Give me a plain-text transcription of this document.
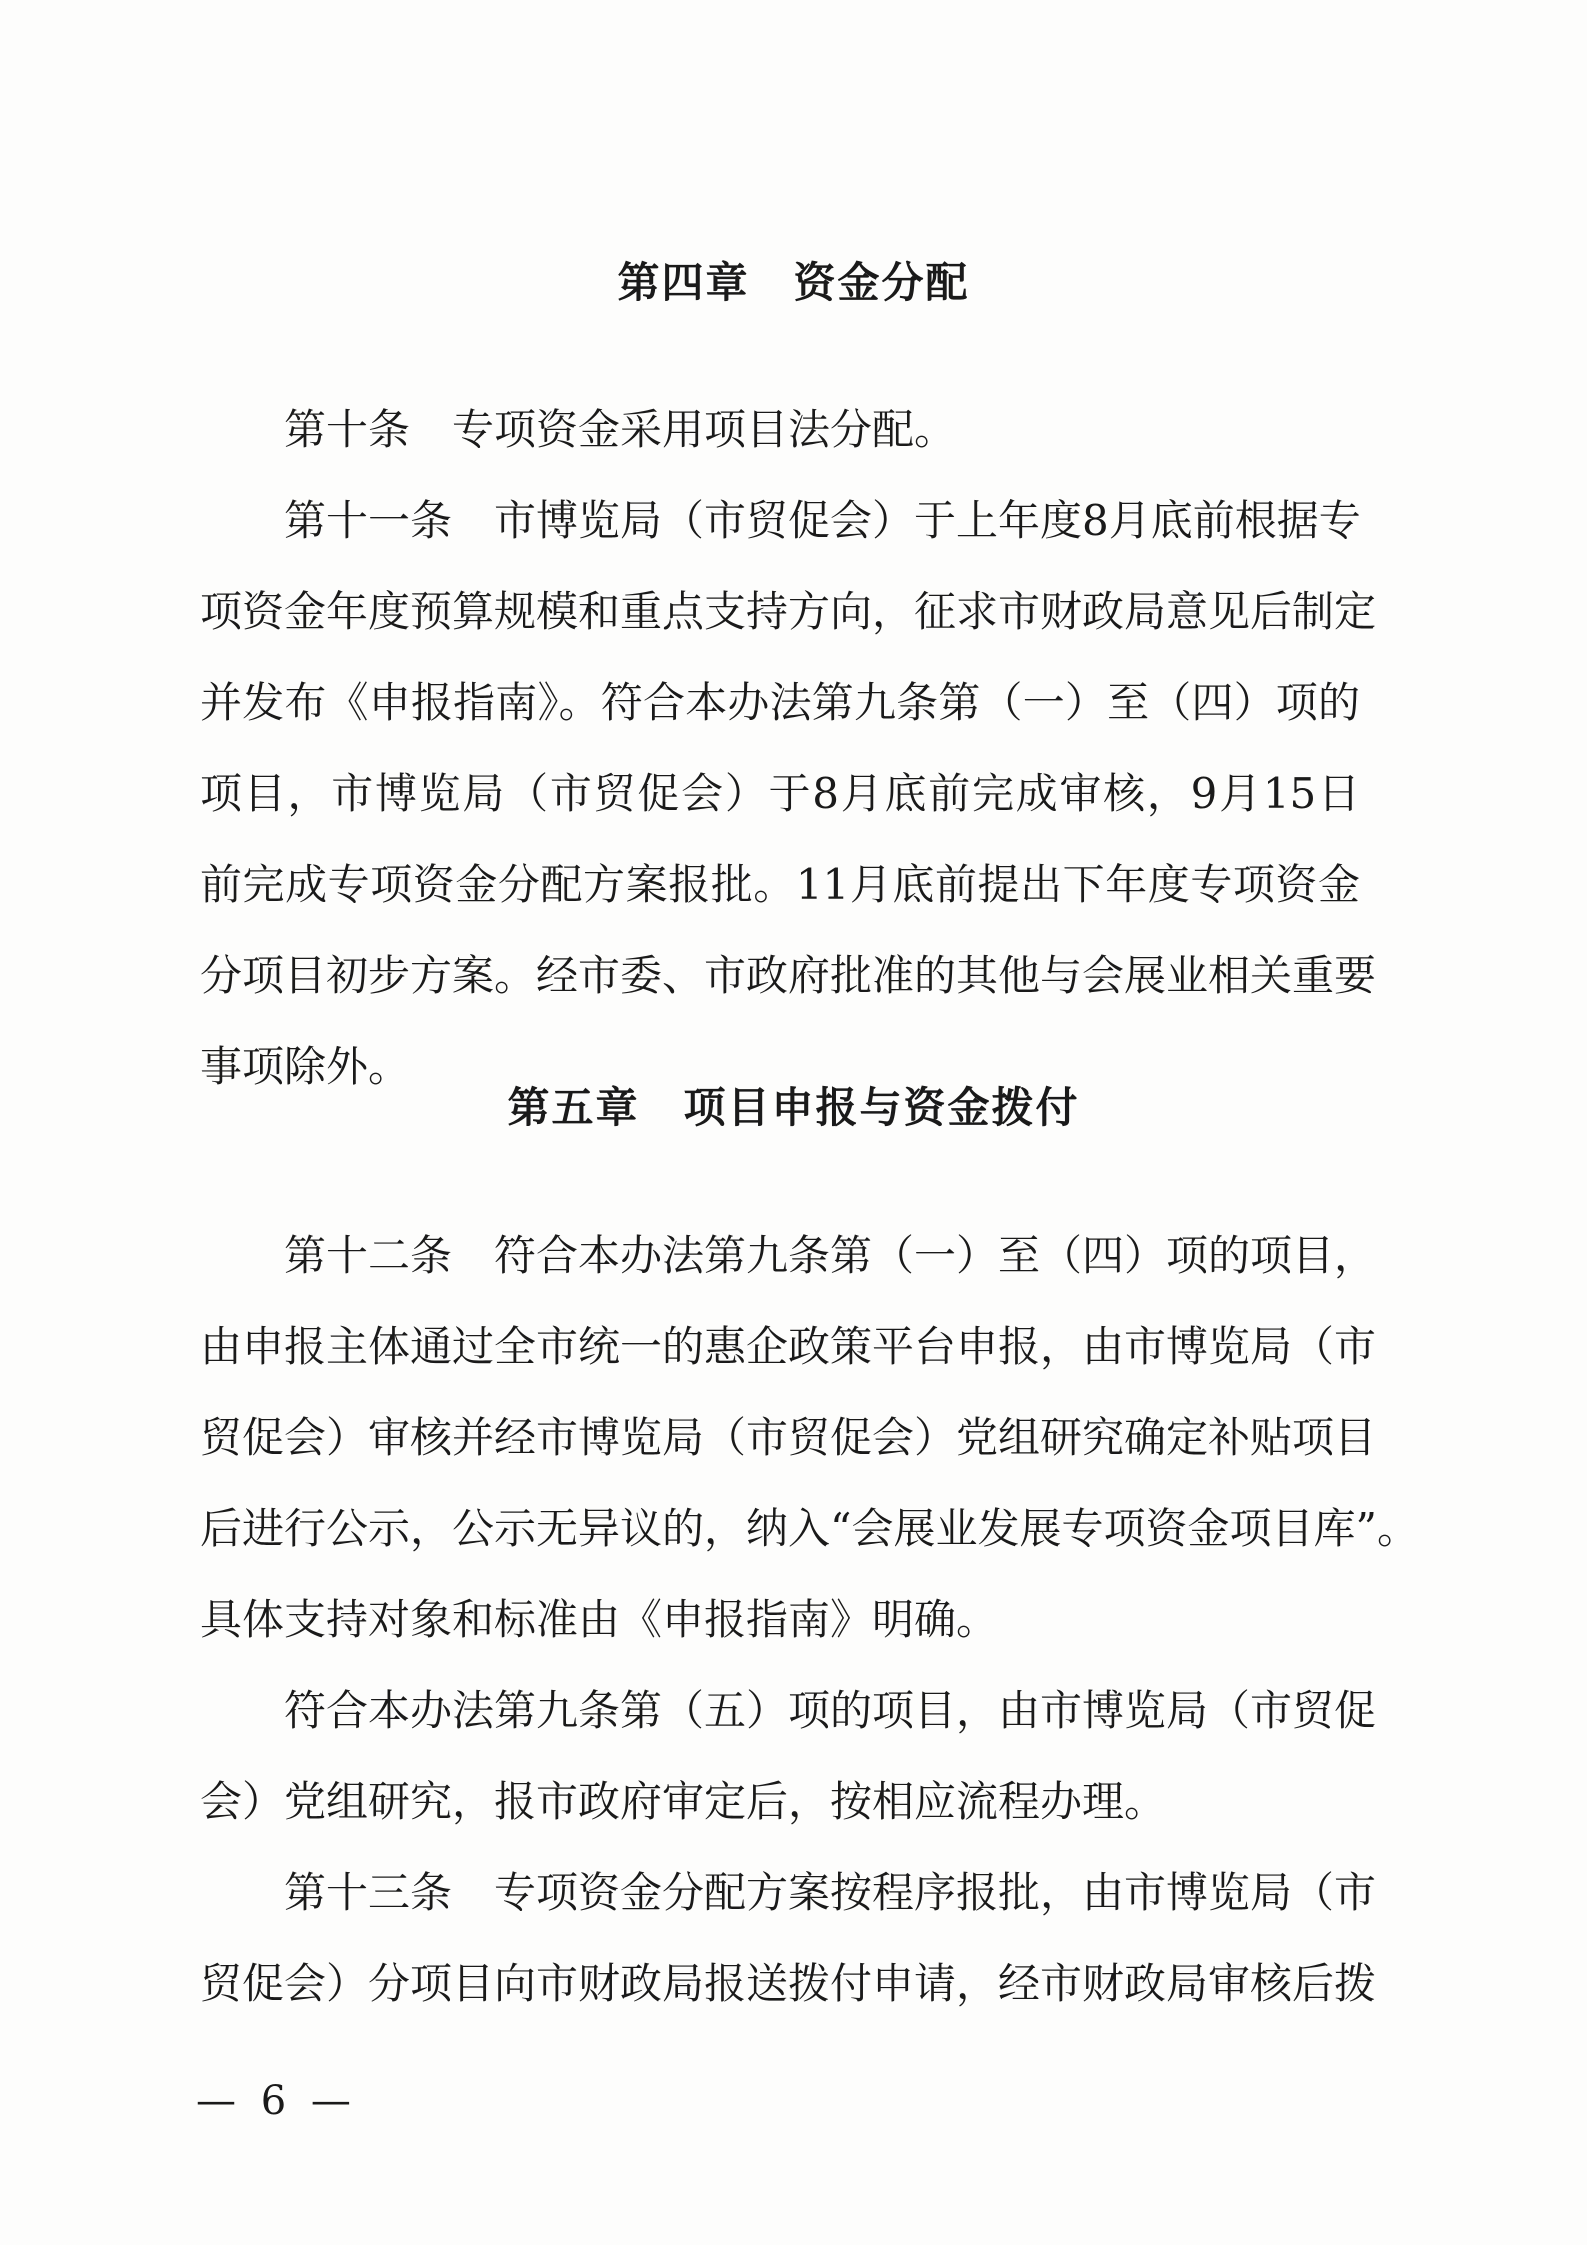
第四章　资金分配
第十条　专项资金采用项目法分配。
第十一条　市博览局（市贸促会）于上年度8月底前根据专
项资金年度预算规模和重点支持方向，征求市财政局意见后制定
并发布《申报指南》。符合本办法第九条第（一）至（四）项的
项目，市博览局（市贸促会）于8月底前完成审核，9月15日
前完成专项资金分配方案报批。11月底前提出下年度专项资金
分项目初步方案。经市委、市政府批准的其他与会展业相关重要
事项除外。
第五章　项目申报与资金拨付
第十二条　符合本办法第九条第（一）至（四）项的项目，
由申报主体通过全市统一的惠企政策平台申报，由市博览局（市
贸促会）审核并经市博览局（市贸促会）党组研究确定补贴项目
后进行公示，公示无异议的，纳入“会展业发展专项资金项目库”。
具体支持对象和标准由《申报指南》明确。
符合本办法第九条第（五）项的项目，由市博览局（市贸促
会）党组研究，报市政府审定后，按相应流程办理。
第十三条　专项资金分配方案按程序报批，由市博览局（市
贸促会）分项目向市财政局报送拨付申请，经市财政局审核后拨
— 6 —
